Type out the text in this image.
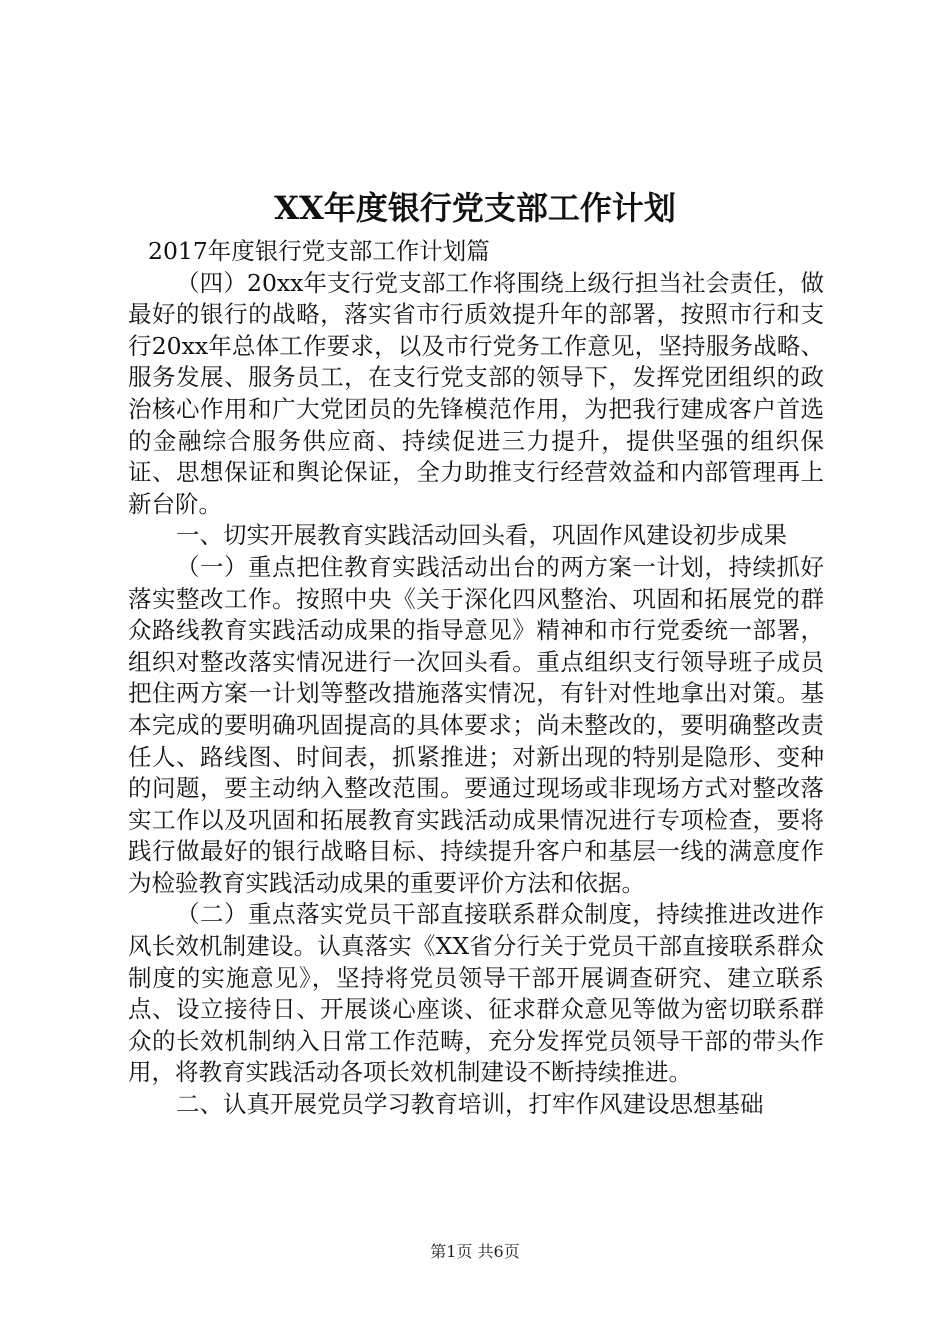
XX年度银行党支部工作计划

2017年度银行党支部工作计划篇

（四）20xx年支行党支部工作将围绕上级行担当社会责任，做最好的银行的战略，落实省市行质效提升年的部署，按照市行和支行20xx年总体工作要求，以及市行党务工作意见，坚持服务战略、服务发展、服务员工，在支行党支部的领导下，发挥党团组织的政治核心作用和广大党团员的先锋模范作用，为把我行建成客户首选的金融综合服务供应商、持续促进三力提升，提供坚强的组织保证、思想保证和舆论保证，全力助推支行经营效益和内部管理再上新台阶。

一、切实开展教育实践活动回头看，巩固作风建设初步成果

（一）重点把住教育实践活动出台的两方案一计划，持续抓好落实整改工作。按照中央《关于深化四风整治、巩固和拓展党的群众路线教育实践活动成果的指导意见》精神和市行党委统一部署，组织对整改落实情况进行一次回头看。重点组织支行领导班子成员把住两方案一计划等整改措施落实情况，有针对性地拿出对策。基本完成的要明确巩固提高的具体要求；尚未整改的，要明确整改责任人、路线图、时间表，抓紧推进；对新出现的特别是隐形、变种的问题，要主动纳入整改范围。要通过现场或非现场方式对整改落实工作以及巩固和拓展教育实践活动成果情况进行专项检查，要将践行做最好的银行战略目标、持续提升客户和基层一线的满意度作为检验教育实践活动成果的重要评价方法和依据。

（二）重点落实党员干部直接联系群众制度，持续推进改进作风长效机制建设。认真落实《XX省分行关于党员干部直接联系群众制度的实施意见》，坚持将党员领导干部开展调查研究、建立联系点、设立接待日、开展谈心座谈、征求群众意见等做为密切联系群众的长效机制纳入日常工作范畴，充分发挥党员领导干部的带头作用，将教育实践活动各项长效机制建设不断持续推进。

二、认真开展党员学习教育培训，打牢作风建设思想基础

第1页 共6页
